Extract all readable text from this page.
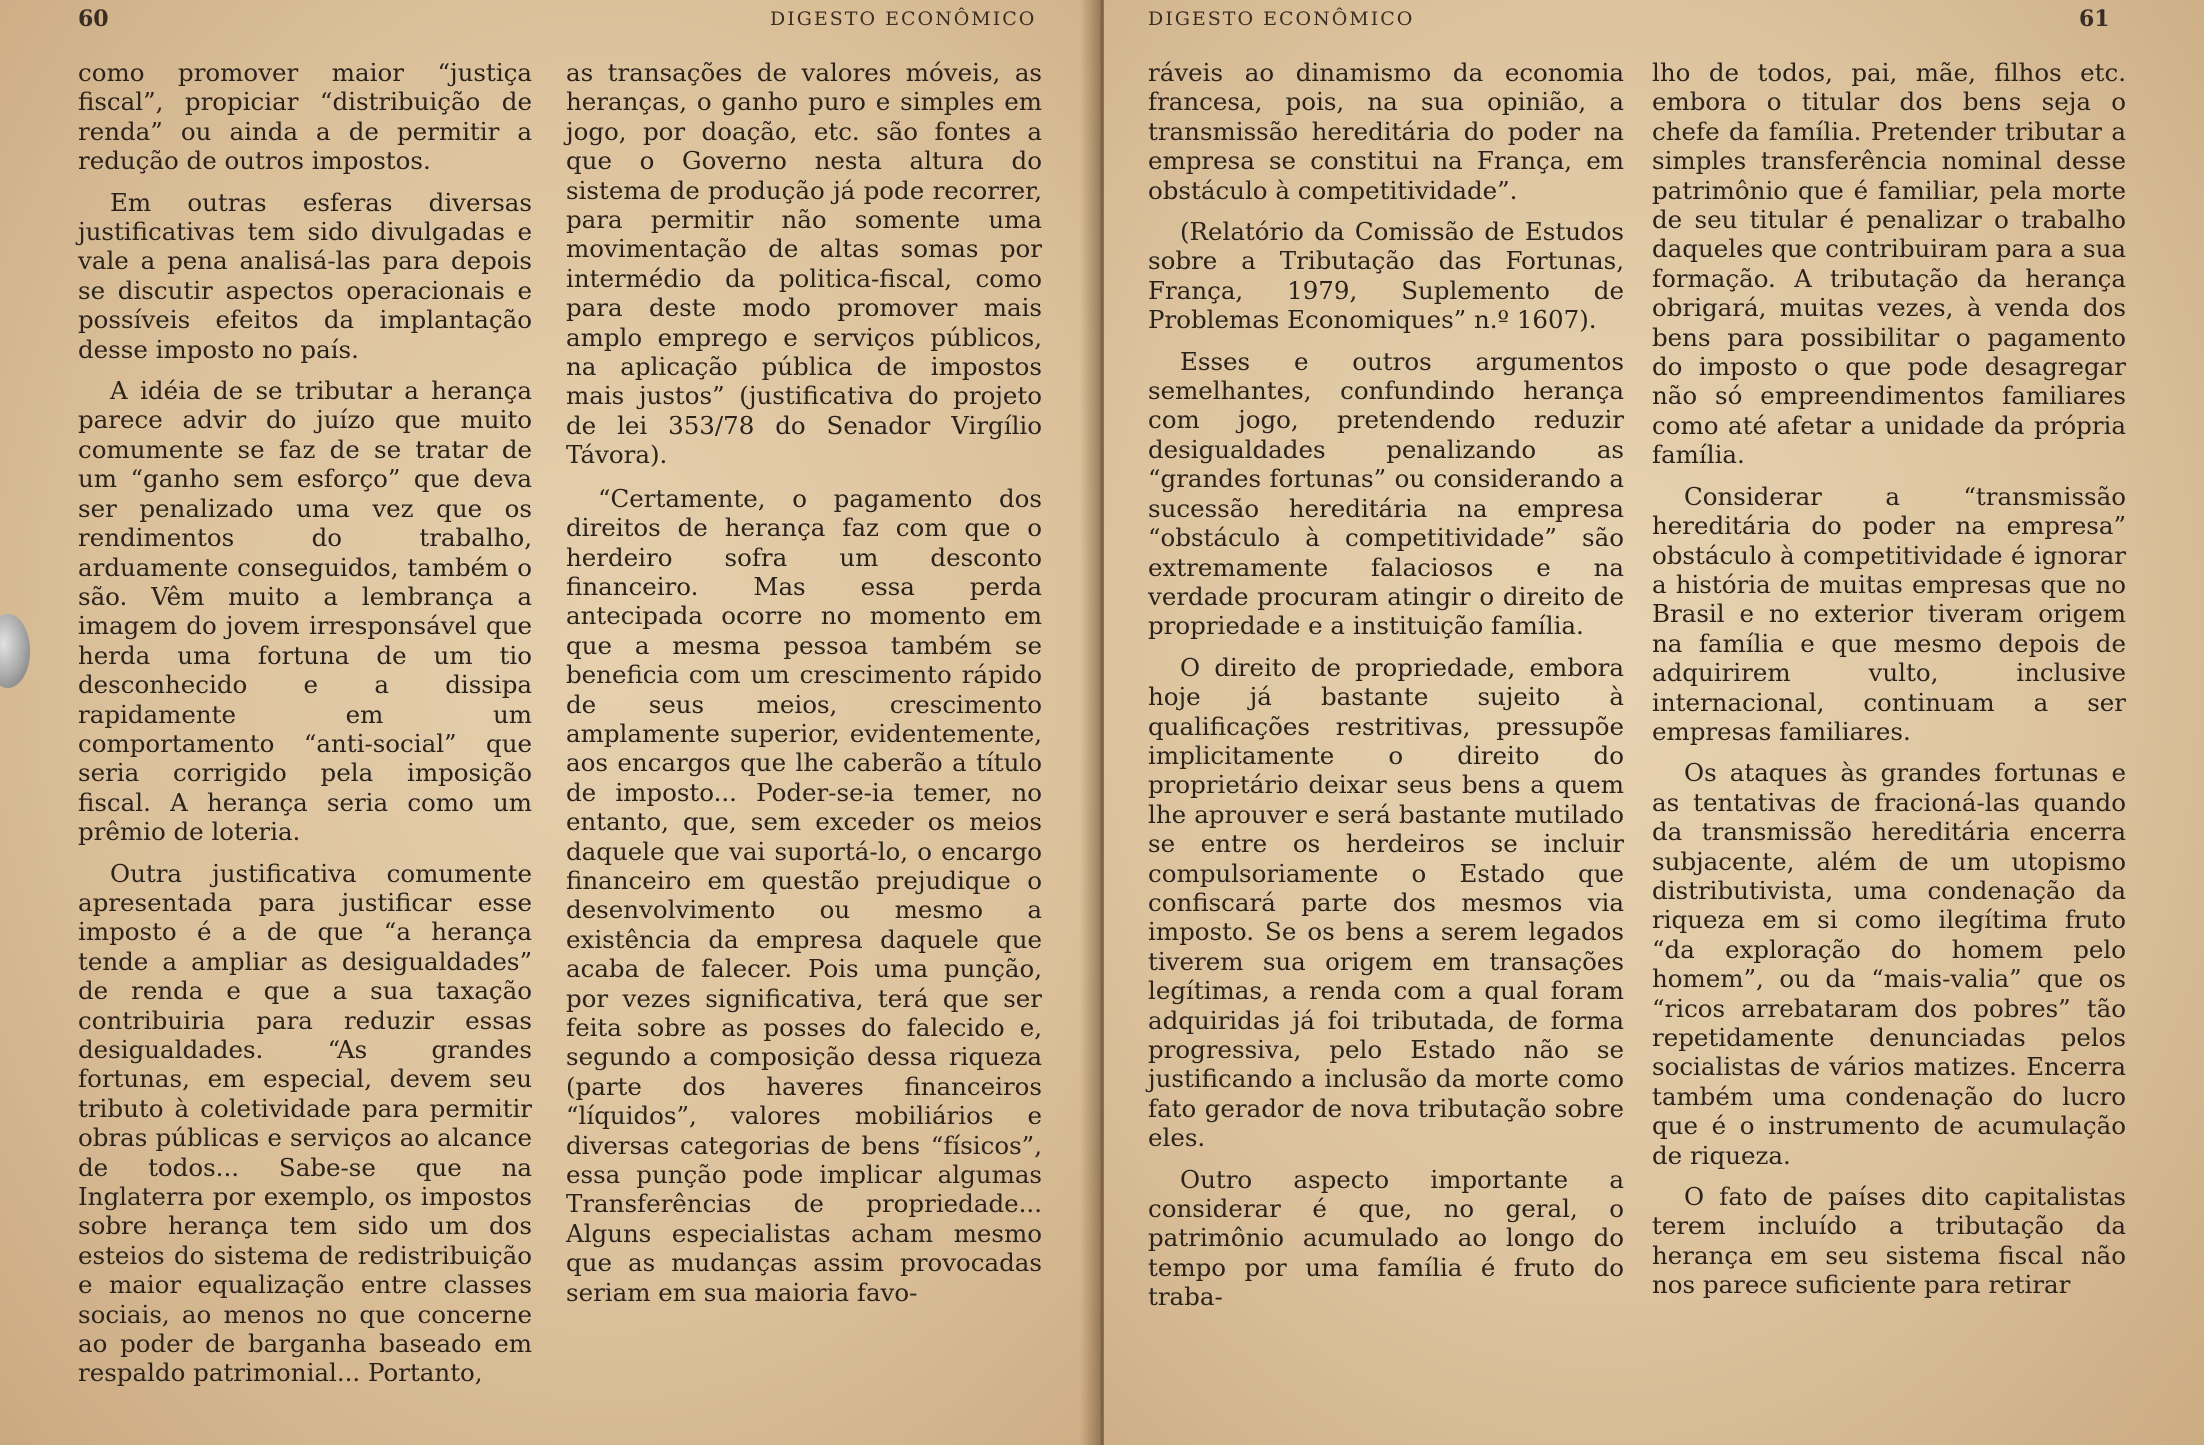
60	DIGESTO ECONÔMICO

como promover maior “justiça fiscal”, propiciar “distribuição de renda” ou ainda a de permitir a redução de outros impostos.

Em outras esferas diversas justificativas tem sido divulgadas e vale a pena analisá-las para depois se discutir aspectos operacionais e possíveis efeitos da implantação desse imposto no país.

A idéia de se tributar a herança parece advir do juízo que muito comumente se faz de se tratar de um “ganho sem esforço” que deva ser penalizado uma vez que os rendimentos do trabalho, arduamente conseguidos, também o são. Vêm muito a lembrança a imagem do jovem irresponsável que herda uma fortuna de um tio desconhecido e a dissipa rapidamente em um comportamento “anti-social” que seria corrigido pela imposição fiscal. A herança seria como um prêmio de loteria.

Outra justificativa comumente apresentada para justificar esse imposto é a de que “a herança tende a ampliar as desigualdades” de renda e que a sua taxação contribuiria para reduzir essas desigualdades. “As grandes fortunas, em especial, devem seu tributo à coletividade para permitir obras públicas e serviços ao alcance de todos... Sabe-se que na Inglaterra por exemplo, os impostos sobre herança tem sido um dos esteios do sistema de redistribuição e maior equalização entre classes sociais, ao menos no que concerne ao poder de barganha baseado em respaldo patrimonial... Portanto,

as transações de valores móveis, as heranças, o ganho puro e simples em jogo, por doação, etc. são fontes a que o Governo nesta altura do sistema de produção já pode recorrer, para permitir não somente uma movimentação de altas somas por intermédio da politica-fiscal, como para deste modo promover mais amplo emprego e serviços públicos, na aplicação pública de impostos mais justos” (justificativa do projeto de lei 353/78 do Senador Virgílio Távora).

“Certamente, o pagamento dos direitos de herança faz com que o herdeiro sofra um desconto financeiro. Mas essa perda antecipada ocorre no momento em que a mesma pessoa também se beneficia com um crescimento rápido de seus meios, crescimento amplamente superior, evidentemente, aos encargos que lhe caberão a título de imposto... Poder-se-ia temer, no entanto, que, sem exceder os meios daquele que vai suportá-lo, o encargo financeiro em questão prejudique o desenvolvimento ou mesmo a existência da empresa daquele que acaba de falecer. Pois uma punção, por vezes significativa, terá que ser feita sobre as posses do falecido e, segundo a composição dessa riqueza (parte dos haveres financeiros “líquidos”, valores mobiliários e diversas categorias de bens “físicos”, essa punção pode implicar algumas Transferências de propriedade... Alguns especialistas acham mesmo que as mudanças assim provocadas seriam em sua maioria favo-

DIGESTO ECONÔMICO	61

ráveis ao dinamismo da economia francesa, pois, na sua opinião, a transmissão hereditária do poder na empresa se constitui na França, em obstáculo à competitividade”.

(Relatório da Comissão de Estudos sobre a Tributação das Fortunas, França, 1979, Suplemento de Problemas Economiques” n.º 1607).

Esses e outros argumentos semelhantes, confundindo herança com jogo, pretendendo reduzir desigualdades penalizando as “grandes fortunas” ou considerando a sucessão hereditária na empresa “obstáculo à competitividade” são extremamente falaciosos e na verdade procuram atingir o direito de propriedade e a instituição família.

O direito de propriedade, embora hoje já bastante sujeito à qualificações restritivas, pressupõe implicitamente o direito do proprietário deixar seus bens a quem lhe aprouver e será bastante mutilado se entre os herdeiros se incluir compulsoriamente o Estado que confiscará parte dos mesmos via imposto. Se os bens a serem legados tiverem sua origem em transações legítimas, a renda com a qual foram adquiridas já foi tributada, de forma progressiva, pelo Estado não se justificando a inclusão da morte como fato gerador de nova tributação sobre eles.

Outro aspecto importante a considerar é que, no geral, o patrimônio acumulado ao longo do tempo por uma família é fruto do traba-

lho de todos, pai, mãe, filhos etc. embora o titular dos bens seja o chefe da família. Pretender tributar a simples transferência nominal desse patrimônio que é familiar, pela morte de seu titular é penalizar o trabalho daqueles que contribuiram para a sua formação. A tributação da herança obrigará, muitas vezes, à venda dos bens para possibilitar o pagamento do imposto o que pode desagregar não só empreendimentos familiares como até afetar a unidade da própria família.

Considerar a “transmissão hereditária do poder na empresa” obstáculo à competitividade é ignorar a história de muitas empresas que no Brasil e no exterior tiveram origem na família e que mesmo depois de adquirirem vulto, inclusive internacional, continuam a ser empresas familiares.

Os ataques às grandes fortunas e as tentativas de fracioná-las quando da transmissão hereditária encerra subjacente, além de um utopismo distributivista, uma condenação da riqueza em si como ilegítima fruto “da exploração do homem pelo homem”, ou da “mais-valia” que os “ricos arrebataram dos pobres” tão repetidamente denunciadas pelos socialistas de vários matizes. Encerra também uma condenação do lucro que é o instrumento de acumulação de riqueza.

O fato de países dito capitalistas terem incluído a tributação da herança em seu sistema fiscal não nos parece suficiente para retirar
